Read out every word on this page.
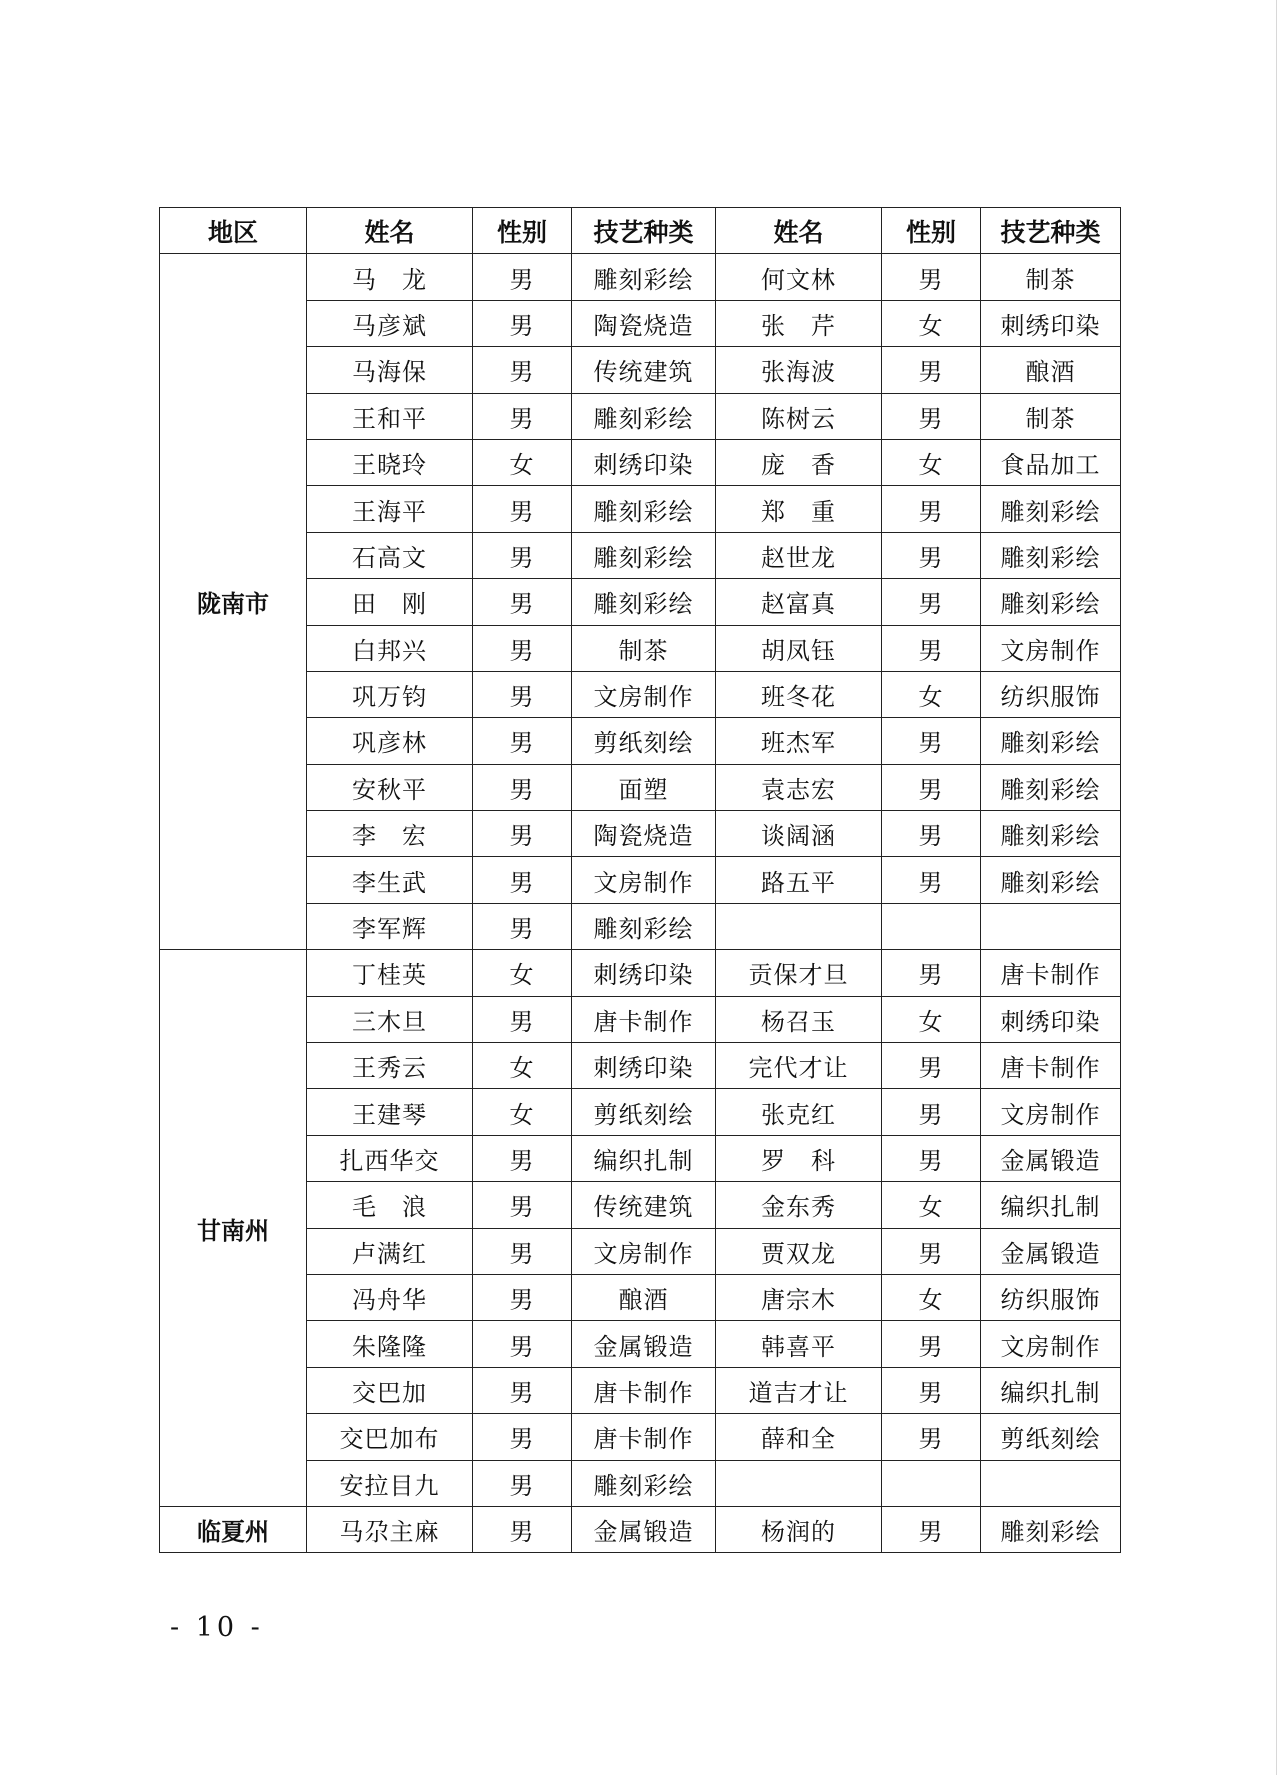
地区	姓名	性别	技艺种类	姓名	性别	技艺种类
陇南市	马　龙	男	雕刻彩绘	何文林	男	制茶
	马彦斌	男	陶瓷烧造	张　芹	女	刺绣印染
	马海保	男	传统建筑	张海波	男	酿酒
	王和平	男	雕刻彩绘	陈树云	男	制茶
	王晓玲	女	刺绣印染	庞　香	女	食品加工
	王海平	男	雕刻彩绘	郑　重	男	雕刻彩绘
	石高文	男	雕刻彩绘	赵世龙	男	雕刻彩绘
	田　刚	男	雕刻彩绘	赵富真	男	雕刻彩绘
	白邦兴	男	制茶	胡凤钰	男	文房制作
	巩万钧	男	文房制作	班冬花	女	纺织服饰
	巩彦林	男	剪纸刻绘	班杰军	男	雕刻彩绘
	安秋平	男	面塑	袁志宏	男	雕刻彩绘
	李　宏	男	陶瓷烧造	谈阔涵	男	雕刻彩绘
	李生武	男	文房制作	路五平	男	雕刻彩绘
	李军辉	男	雕刻彩绘			
甘南州	丁桂英	女	刺绣印染	贡保才旦	男	唐卡制作
	三木旦	男	唐卡制作	杨召玉	女	刺绣印染
	王秀云	女	刺绣印染	完代才让	男	唐卡制作
	王建琴	女	剪纸刻绘	张克红	男	文房制作
	扎西华交	男	编织扎制	罗　科	男	金属锻造
	毛　浪	男	传统建筑	金东秀	女	编织扎制
	卢满红	男	文房制作	贾双龙	男	金属锻造
	冯舟华	男	酿酒	唐宗木	女	纺织服饰
	朱隆隆	男	金属锻造	韩喜平	男	文房制作
	交巴加	男	唐卡制作	道吉才让	男	编织扎制
	交巴加布	男	唐卡制作	薛和全	男	剪纸刻绘
	安拉目九	男	雕刻彩绘			
临夏州	马尕主麻	男	金属锻造	杨润的	男	雕刻彩绘
- 10 -
